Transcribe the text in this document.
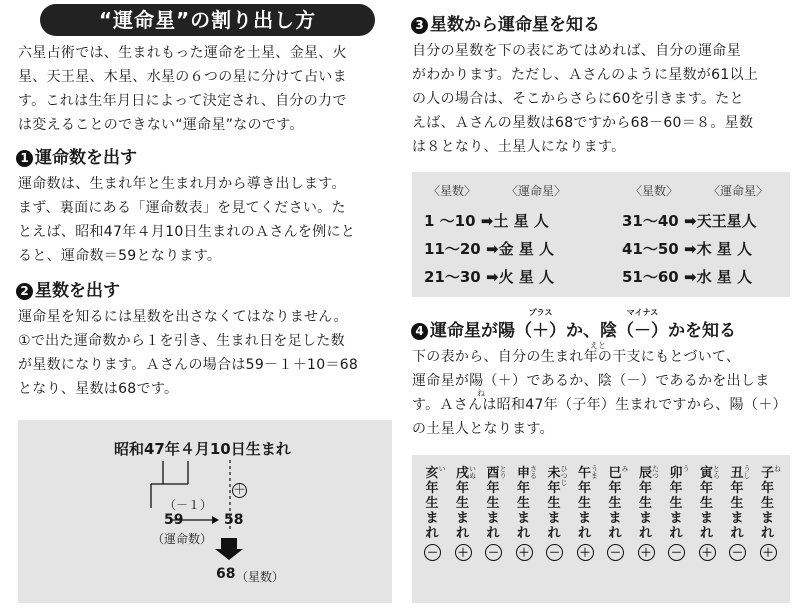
“運命星”の割り出し方
六星占術では、生まれもった運命を土星、金星、火
星、天王星、木星、水星の６つの星に分けて占いま
す。これは生年月日によって決定され、自分の力で
は変えることのできない“運命星”なのです。
1 運命数を出す
運命数は、生まれ年と生まれ月から導き出します。
まず、裏面にある「運命数表」を見てください。た
とえば、昭和47年４月10日生まれのＡさんを例にと
ると、運命数＝59となります。
2 星数を出す
運命星を知るには星数を出さなくてはなりません。
①で出た運命数から１を引き、生まれ日を足した数
が星数になります。Ａさんの場合は59－１＋10＝68
となり、星数は68です。
昭和47年４月10日生まれ
（－１）
＋
59	58
（運命数）
68 （星数）
3 星数から運命星を知る
自分の星数を下の表にあてはめれば、自分の運命星
がわかります。ただし、Ａさんのように星数が61以上
の人の場合は、そこからさらに60を引きます。たと
えば、Ａさんの星数は68ですから68－60＝８。星数
は８となり、土星人になります。
〈星数〉 〈運命星〉	〈星数〉 〈運命星〉
1 ～10 ➡土 星 人
11～20 ➡金 星 人
21～30 ➡火 星 人
31～40 ➡天王星人
41～50 ➡木 星 人
51～60 ➡水 星 人
4 運命星が陽
プラス
（＋）か、陰
マイナス
（－）かを知る
えと
ね
下の表から、自分の生まれ年の干支にもとづいて、
運命星が陽（＋）であるか、陰（－）であるかを出しま
す。Ａさんは昭和47年（子年）生まれですから、陽（＋）
の土星人となります。
い
亥
年
生
ま
れ
－
いぬ
戌
年
生
ま
れ
＋
とり
酉
年
生
ま
れ
－
さる
申
年
生
ま
れ
＋
ひつじ
未
年
生
ま
れ
－
うま
午
年
生
ま
れ
＋
み
巳
年
生
ま
れ
－
たつ
辰
年
生
ま
れ
＋
う
卯
年
生
ま
れ
－
とら
寅
年
生
ま
れ
＋
うし
丑
年
生
ま
れ
－
ね
子
年
生
ま
れ
＋
